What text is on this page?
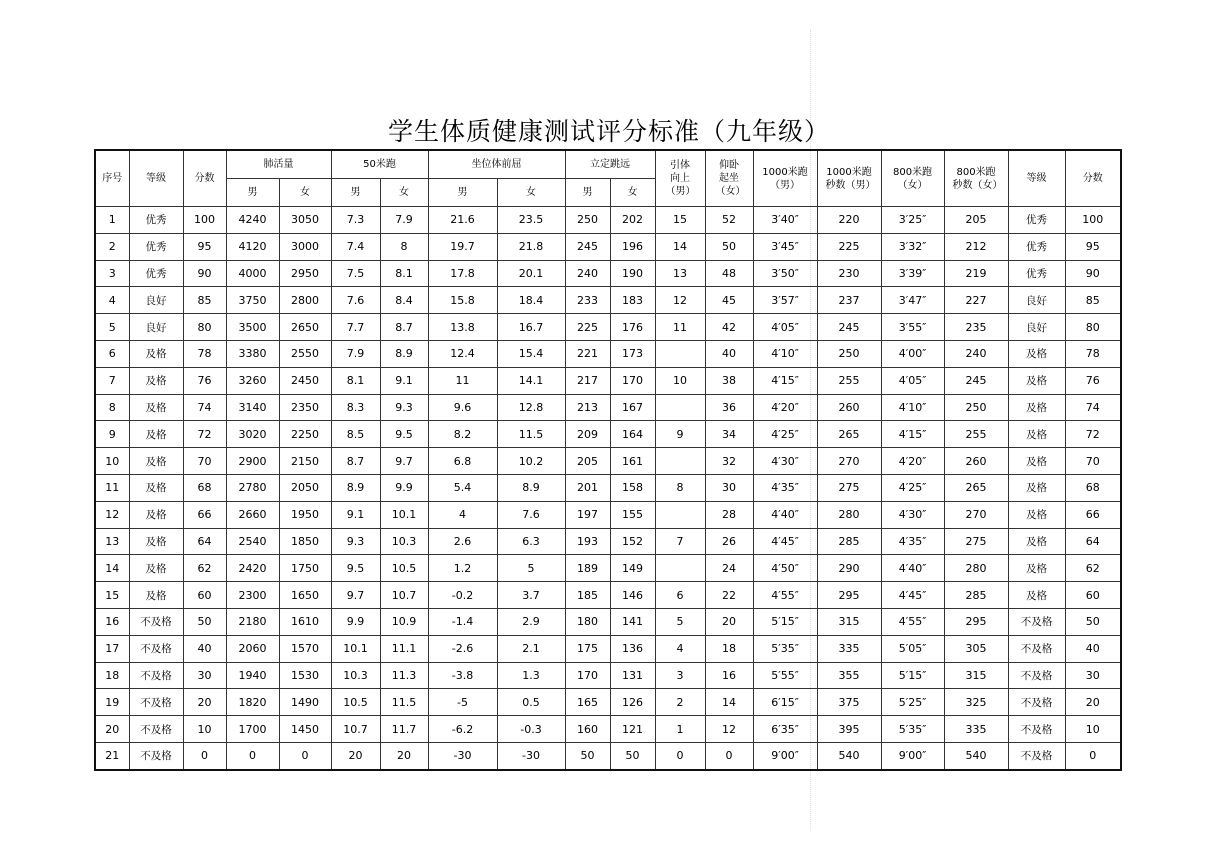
学生体质健康测试评分标准（九年级）
序号	等级	分数	肺活量		50米跑		坐位体前屈		立定跳远		引体向上（男）	仰卧起坐（女）	1000米跑（男）	1000米跑秒数（男）	800米跑（女）	800米跑秒数（女）	等级	分数
			男	女	男	女	男	女	男	女								
1	优秀	100	4240	3050	7.3	7.9	21.6	23.5	250	202	15	52	3′40″	220	3′25″	205	优秀	100
2	优秀	95	4120	3000	7.4	8	19.7	21.8	245	196	14	50	3′45″	225	3′32″	212	优秀	95
3	优秀	90	4000	2950	7.5	8.1	17.8	20.1	240	190	13	48	3′50″	230	3′39″	219	优秀	90
4	良好	85	3750	2800	7.6	8.4	15.8	18.4	233	183	12	45	3′57″	237	3′47″	227	良好	85
5	良好	80	3500	2650	7.7	8.7	13.8	16.7	225	176	11	42	4′05″	245	3′55″	235	良好	80
6	及格	78	3380	2550	7.9	8.9	12.4	15.4	221	173		40	4′10″	250	4′00″	240	及格	78
7	及格	76	3260	2450	8.1	9.1	11	14.1	217	170	10	38	4′15″	255	4′05″	245	及格	76
8	及格	74	3140	2350	8.3	9.3	9.6	12.8	213	167		36	4′20″	260	4′10″	250	及格	74
9	及格	72	3020	2250	8.5	9.5	8.2	11.5	209	164	9	34	4′25″	265	4′15″	255	及格	72
10	及格	70	2900	2150	8.7	9.7	6.8	10.2	205	161		32	4′30″	270	4′20″	260	及格	70
11	及格	68	2780	2050	8.9	9.9	5.4	8.9	201	158	8	30	4′35″	275	4′25″	265	及格	68
12	及格	66	2660	1950	9.1	10.1	4	7.6	197	155		28	4′40″	280	4′30″	270	及格	66
13	及格	64	2540	1850	9.3	10.3	2.6	6.3	193	152	7	26	4′45″	285	4′35″	275	及格	64
14	及格	62	2420	1750	9.5	10.5	1.2	5	189	149		24	4′50″	290	4′40″	280	及格	62
15	及格	60	2300	1650	9.7	10.7	-0.2	3.7	185	146	6	22	4′55″	295	4′45″	285	及格	60
16	不及格	50	2180	1610	9.9	10.9	-1.4	2.9	180	141	5	20	5′15″	315	4′55″	295	不及格	50
17	不及格	40	2060	1570	10.1	11.1	-2.6	2.1	175	136	4	18	5′35″	335	5′05″	305	不及格	40
18	不及格	30	1940	1530	10.3	11.3	-3.8	1.3	170	131	3	16	5′55″	355	5′15″	315	不及格	30
19	不及格	20	1820	1490	10.5	11.5	-5	0.5	165	126	2	14	6′15″	375	5′25″	325	不及格	20
20	不及格	10	1700	1450	10.7	11.7	-6.2	-0.3	160	121	1	12	6′35″	395	5′35″	335	不及格	10
21	不及格	0	0	0	20	20	-30	-30	50	50	0	0	9′00″	540	9′00″	540	不及格	0
